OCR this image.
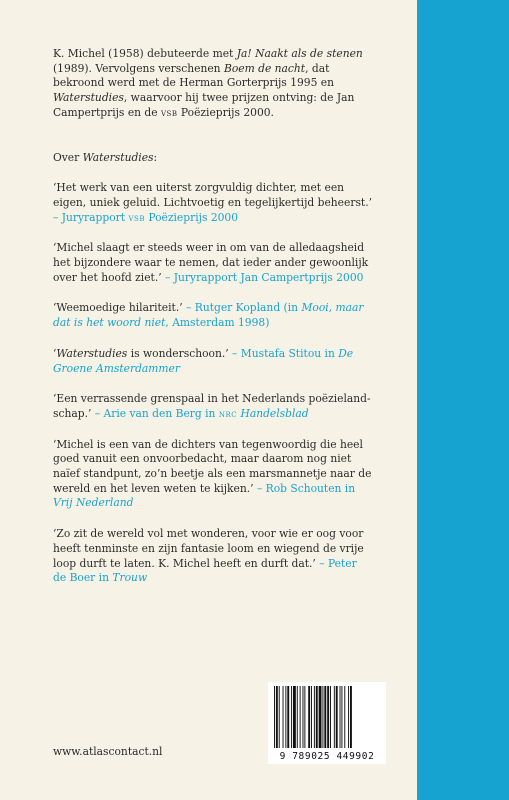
K. Michel (1958) debuteerde met Ja! Naakt als de stenen (1989). Vervolgens verschenen Boem de nacht, dat bekroond werd met de Herman Gorterprijs 1995 en Waterstudies, waarvoor hij twee prijzen ontving: de Jan Campertprijs en de vsb Poëzieprijs 2000.

Over Waterstudies:

‘Het werk van een uiterst zorgvuldig dichter, met een eigen, uniek geluid. Lichtvoetig en tegelijkertijd beheerst.’ – Juryrapport vsb Poëzieprijs 2000

‘Michel slaagt er steeds weer in om van de alledaagsheid het bijzondere waar te nemen, dat ieder ander gewoonlijk over het hoofd ziet.’ – Juryrapport Jan Campertprijs 2000

‘Weemoedige hilariteit.’ – Rutger Kopland (in Mooi, maar dat is het woord niet, Amsterdam 1998)

‘Waterstudies is wonderschoon.’ – Mustafa Stitou in De Groene Amsterdammer

‘Een verrassende grenspaal in het Nederlands poëzieland-schap.’ – Arie van den Berg in nrc Handelsblad

‘Michel is een van de dichters van tegenwoordig die heel goed vanuit een onvoorbedacht, maar daarom nog niet naïef standpunt, zo’n beetje als een marsmannetje naar de wereld en het leven weten te kijken.’ – Rob Schouten in Vrij Nederland

‘Zo zit de wereld vol met wonderen, voor wie er oog voor heeft tenminste en zijn fantasie loom en wiegend de vrije loop durft te laten. K. Michel heeft en durft dat.’ – Peter de Boer in Trouw

www.atlascontact.nl	9 789025 449902
